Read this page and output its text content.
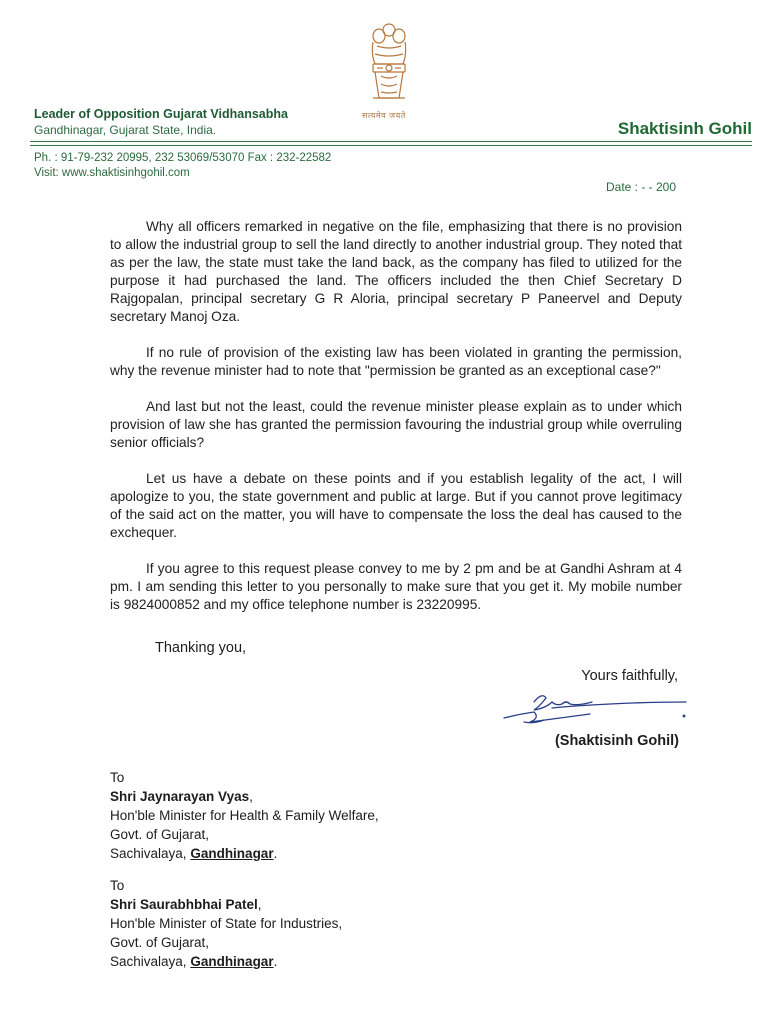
सत्यमेव जयते
Leader of Opposition Gujarat Vidhansabha
Gandhinagar, Gujarat State, India.	Shaktisinh Gohil
Ph. : 91-79-232 20995, 232 53069/53070 Fax : 232-22582
Visit: www.shaktisinhgohil.com
Date : - - 200

Why all officers remarked in negative on the file, emphasizing that there is no provision to allow the industrial group to sell the land directly to another industrial group. They noted that as per the law, the state must take the land back, as the company has filed to utilized for the purpose it had purchased the land. The officers included the then Chief Secretary D Rajgopalan, principal secretary G R Aloria, principal secretary P Paneervel and Deputy secretary Manoj Oza.

If no rule of provision of the existing law has been violated in granting the permission, why the revenue minister had to note that "permission be granted as an exceptional case?"

And last but not the least, could the revenue minister please explain as to under which provision of law she has granted the permission favouring the industrial group while overruling senior officials?

Let us have a debate on these points and if you establish legality of the act, I will apologize to you, the state government and public at large. But if you cannot prove legitimacy of the said act on the matter, you will have to compensate the loss the deal has caused to the exchequer.

If you agree to this request please convey to me by 2 pm and be at Gandhi Ashram at 4 pm. I am sending this letter to you personally to make sure that you get it. My mobile number is 9824000852 and my office telephone number is 23220995.

Thanking you,
Yours faithfully,
(Shaktisinh Gohil)
To
Shri Jaynarayan Vyas,
Hon'ble Minister for Health & Family Welfare,
Govt. of Gujarat,
Sachivalaya, Gandhinagar.
To
Shri Saurabhbhai Patel,
Hon'ble Minister of State for Industries,
Govt. of Gujarat,
Sachivalaya, Gandhinagar.
